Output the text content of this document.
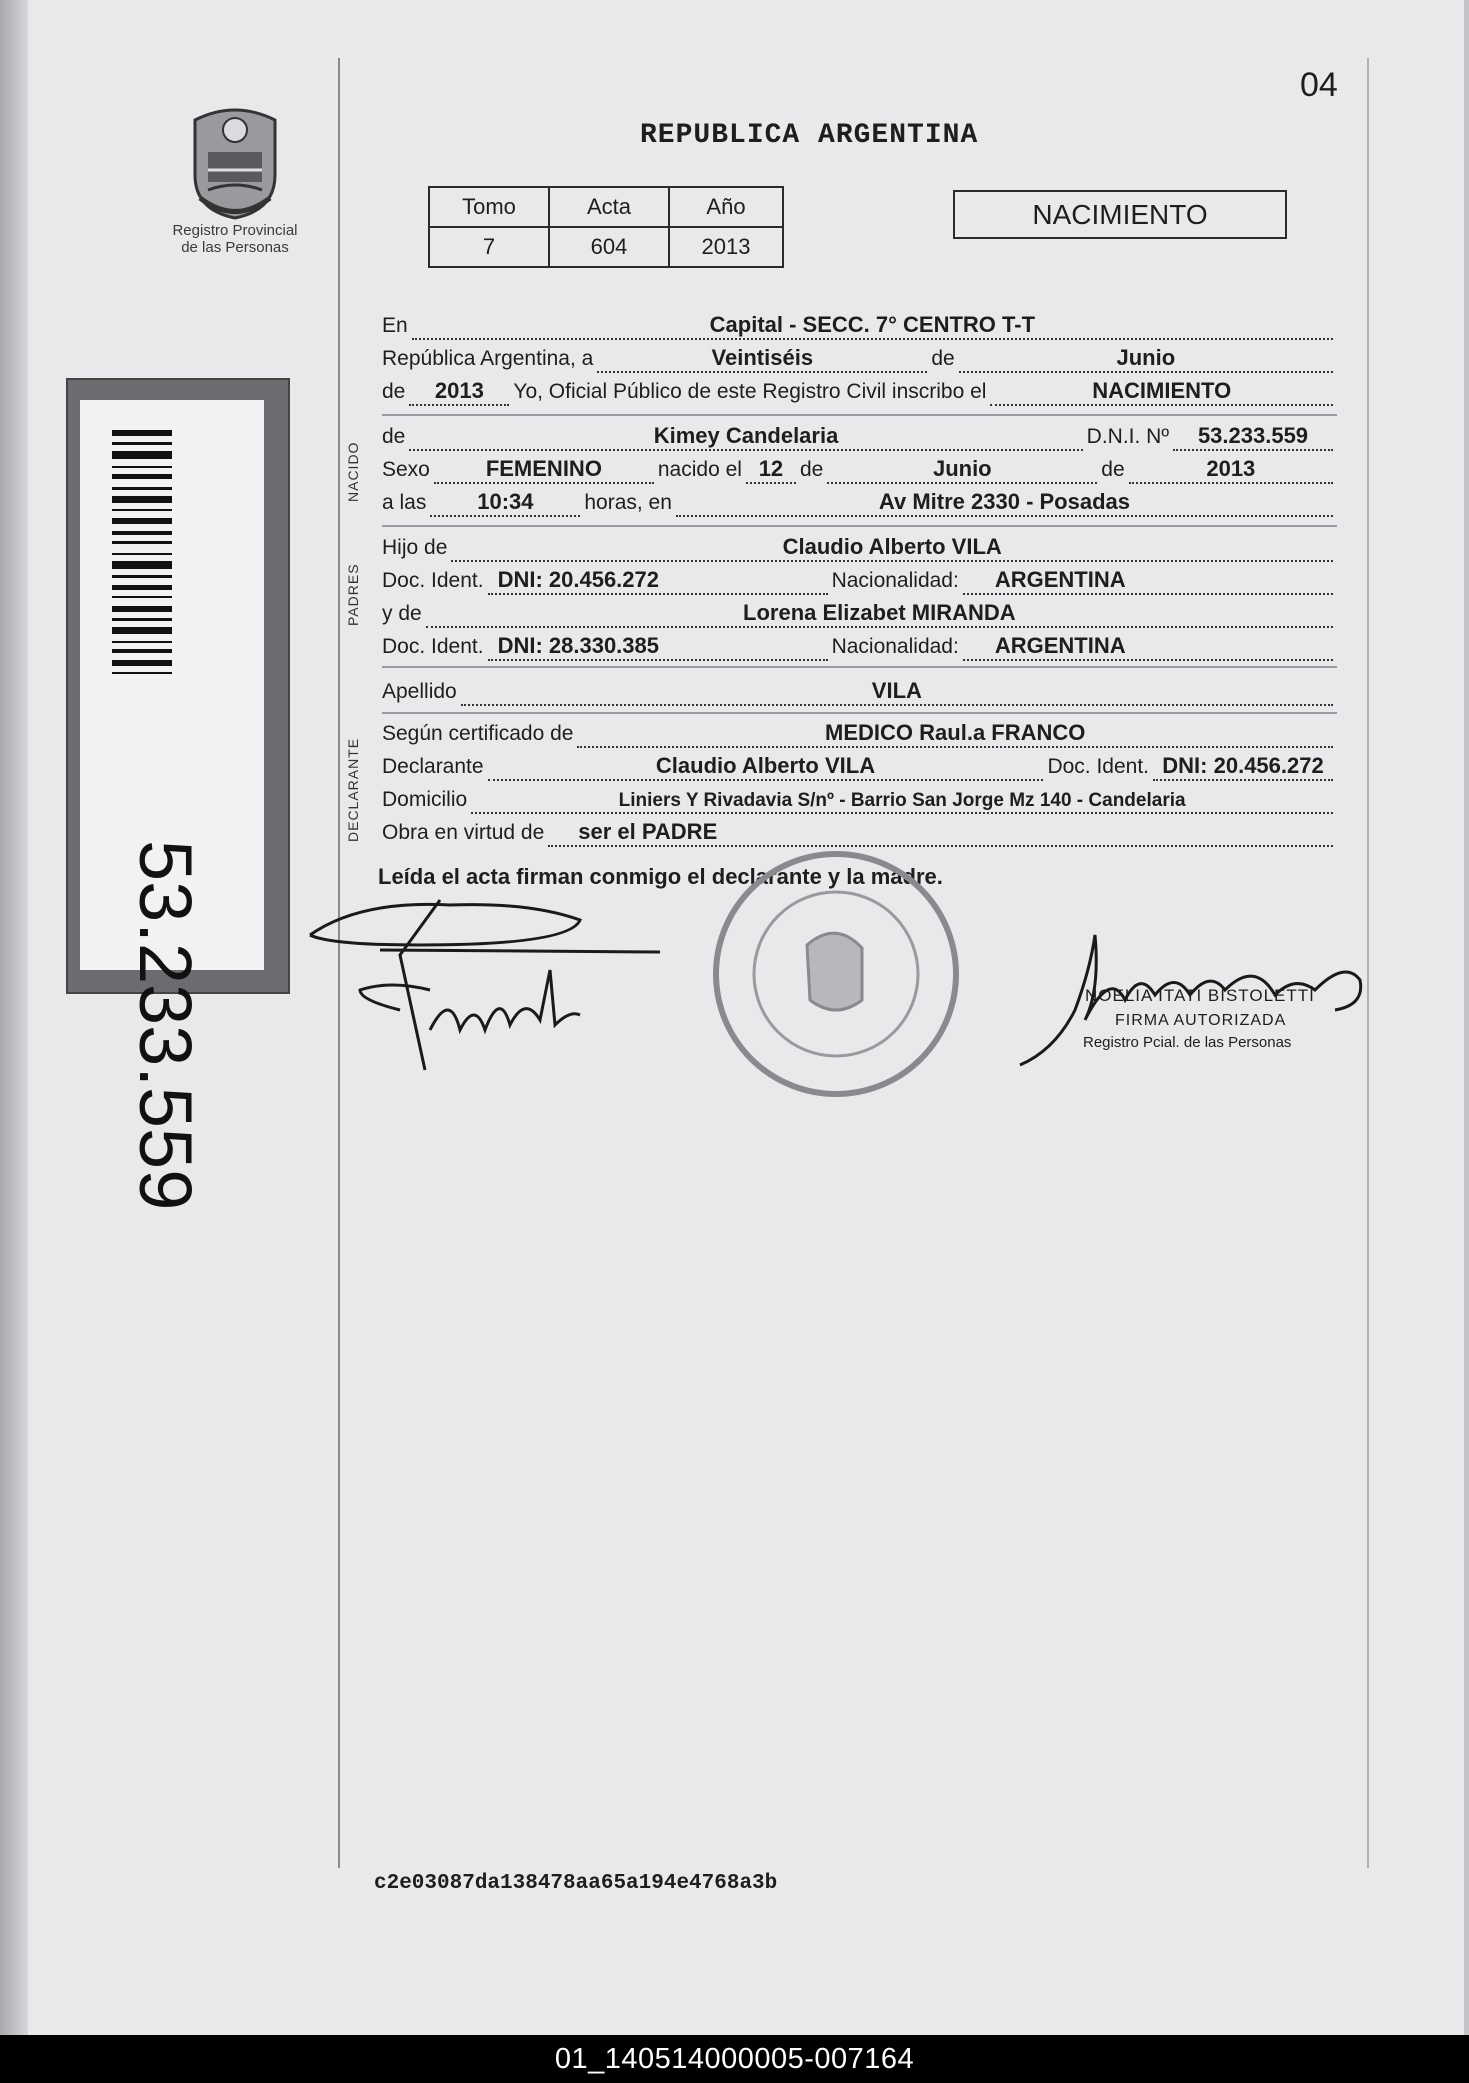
04
REPUBLICA ARGENTINA
Registro Provincial
de las Personas
Tomo	Acta	Año
7	604	2013
NACIMIENTO
53.233.559
En	Capital - SECC. 7° CENTRO T-T
República Argentina, a	Veintiséis	de	Junio
de	2013	Yo, Oficial Público de este Registro Civil inscribo el	NACIMIENTO
de	Kimey Candelaria	D.N.I. Nº	53.233.559
Sexo	FEMENINO	nacido el 12 de	Junio	de	2013
a las	10:34	horas, en	Av Mitre 2330 - Posadas
Hijo de	Claudio Alberto VILA
Doc. Ident. DNI: 20.456.272	Nacionalidad:	ARGENTINA
y de	Lorena Elizabet MIRANDA
Doc. Ident. DNI: 28.330.385	Nacionalidad:	ARGENTINA
Apellido	VILA
Según certificado de	MEDICO Raul.a FRANCO
Declarante	Claudio Alberto VILA	Doc. Ident. DNI: 20.456.272
Domicilio	Liniers Y Rivadavia S/nº - Barrio San Jorge Mz 140 - Candelaria
Obra en virtud de	ser el PADRE
NACIDO
PADRES
DECLARANTE
Leída el acta firman conmigo el declarante y la madre.
NOELIA ITATI BISTOLETTI
FIRMA AUTORIZADA
Registro Pcial. de las Personas
c2e03087da138478aa65a194e4768a3b
01_140514000005-007164
